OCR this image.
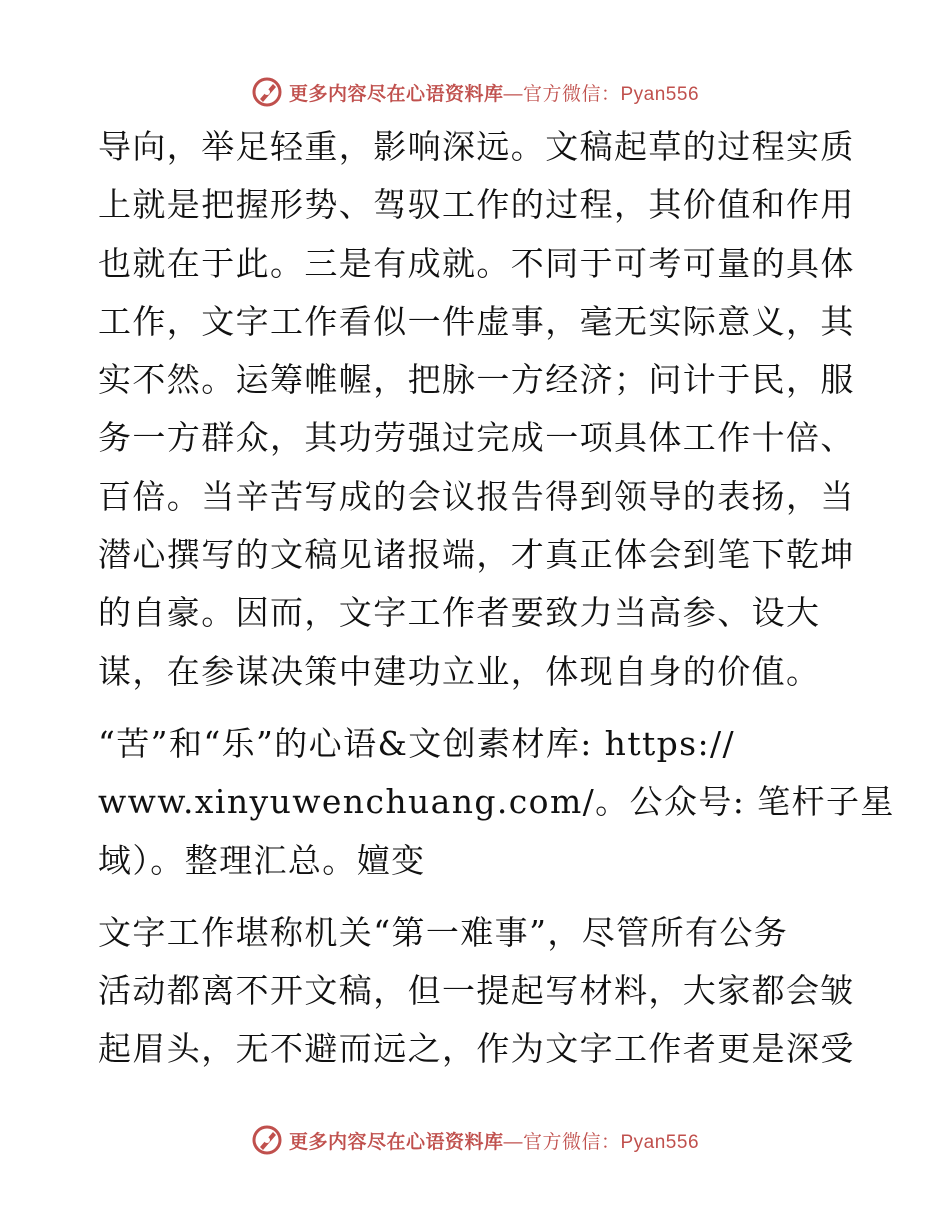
更多内容尽在心语资料库—官方微信：Pyan556
导向，举足轻重，影响深远。文稿起草的过程实质
上就是把握形势、驾驭工作的过程，其价值和作用
也就在于此。三是有成就。不同于可考可量的具体
工作，文字工作看似一件虚事，毫无实际意义，其
实不然。运筹帷幄，把脉一方经济；问计于民，服
务一方群众，其功劳强过完成一项具体工作十倍、
百倍。当辛苦写成的会议报告得到领导的表扬，当
潜心撰写的文稿见诸报端，才真正体会到笔下乾坤
的自豪。因而，文字工作者要致力当高参、设大
谋，在参谋决策中建功立业，体现自身的价值。
“苦”和“乐”的心语&文创素材库: https://
www.xinyuwenchuang.com/。公众号: 笔杆子星
域）。整理汇总。嬗变
文字工作堪称机关“第一难事”，尽管所有公务
活动都离不开文稿，但一提起写材料，大家都会皱
起眉头，无不避而远之，作为文字工作者更是深受
更多内容尽在心语资料库—官方微信：Pyan556
